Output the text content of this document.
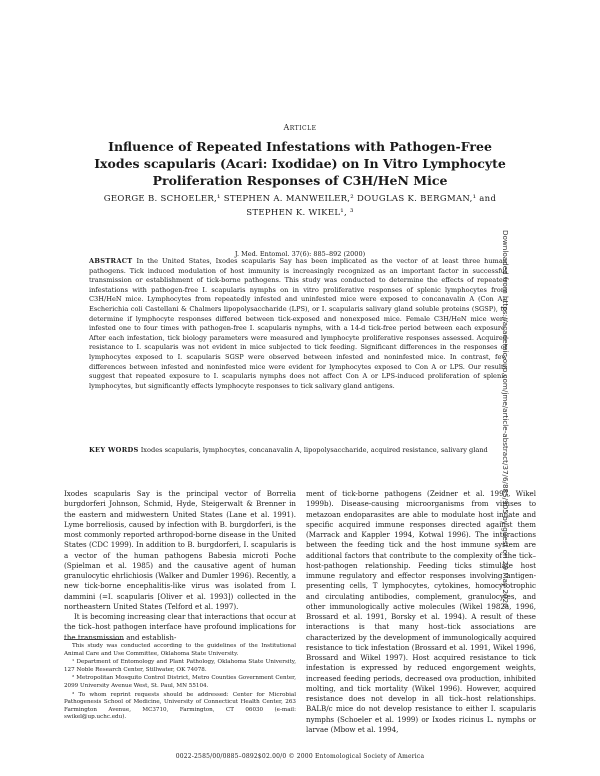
Article
Influence of Repeated Infestations with Pathogen-Free Ixodes scapularis (Acari: Ixodidae) on In Vitro Lymphocyte Proliferation Responses of C3H/HeN Mice
GEORGE B. SCHOELER,¹ STEPHEN A. MANWEILER,² DOUGLAS K. BERGMAN,¹ and
STEPHEN K. WIKEL¹, ³
J. Med. Entomol. 37(6): 885–892 (2000)

ABSTRACT In the United States, Ixodes scapularis Say has been implicated as the vector of at least three human pathogens. Tick induced modulation of host immunity is increasingly recognized as an important factor in successful transmission or establishment of tick-borne pathogens. This study was conducted to determine the effects of repeated infestations with pathogen-free I. scapularis nymphs on in vitro proliferative responses of splenic lymphocytes from C3H/HeN mice. Lymphocytes from repeatedly infested and uninfested mice were exposed to concanavalin A (Con A), Escherichia coli Castellani & Chalmers lipopolysaccharide (LPS), or I. scapularis salivary gland soluble proteins (SGSP), to determine if lymphocyte responses differed between tick-exposed and nonexposed mice. Female C3H/HeN mice were infested one to four times with pathogen-free I. scapularis nymphs, with a 14-d tick-free period between each exposure. After each infestation, tick biology parameters were measured and lymphocyte proliferative responses assessed. Acquired resistance to I. scapularis was not evident in mice subjected to tick feeding. Significant differences in the responses of lymphocytes exposed to I. scapularis SGSP were observed between infested and noninfested mice. In contrast, few differences between infested and noninfested mice were evident for lymphocytes exposed to Con A or LPS. Our results suggest that repeated exposure to I. scapularis nymphs does not affect Con A or LPS-induced proliferation of splenic lymphocytes, but significantly effects lymphocyte responses to tick salivary gland antigens.

KEY WORDS Ixodes scapularis, lymphocytes, concanavalin A, lipopolysaccharide, acquired resistance, salivary gland

Ixodes scapularis Say is the principal vector of Borrelia burgdorferi Johnson, Schmid, Hyde, Steigerwalt & Brenner in the eastern and midwestern United States (Lane et al. 1991). Lyme borreliosis, caused by infection with B. burgdorferi, is the most commonly reported arthropod-borne disease in the United States (CDC 1999). In addition to B. burgdorferi, I. scapularis is a vector of the human pathogens Babesia microti Poche (Spielman et al. 1985) and the causative agent of human granulocytic ehrlichiosis (Walker and Dumler 1996). Recently, a new tick-borne encephalitis-like virus was isolated from I. dammini (=I. scapularis [Oliver et al. 1993]) collected in the northeastern United States (Telford et al. 1997).

It is becoming increasing clear that interactions that occur at the tick–host pathogen interface have profound implications for the transmission and establish-

ment of tick-borne pathogens (Zeidner et al. 1997, Wikel 1999b). Disease-causing microorganisms from viruses to metazoan endoparasites are able to modulate host innate and specific acquired immune responses directed against them (Marrack and Kappler 1994, Kotwal 1996). The interactions between the feeding tick and the host immune system are additional factors that contribute to the complexity of the tick–host-pathogen relationship. Feeding ticks stimulate host immune regulatory and effector responses involving antigen-presenting cells, T lymphocytes, cytokines, homocytotrophic and circulating antibodies, complement, granulocytes, and other immunologically active molecules (Wikel 1982a, 1996, Brossard et al. 1991, Borsky et al. 1994). A result of these interactions is that many host–tick associations are characterized by the development of immunologically acquired resistance to tick infestation (Brossard et al. 1991, Wikel 1996, Brossard and Wikel 1997). Host acquired resistance to tick infestation is expressed by reduced engorgement weights, increased feeding periods, decreased ova production, inhibited molting, and tick mortality (Wikel 1996). However, acquired resistance does not develop in all tick–host relationships. BALB/c mice do not develop resistance to either I. scapularis nymphs (Schoeler et al. 1999) or Ixodes ricinus L. nymphs or larvae (Mbow et al. 1994,

This study was conducted according to the guidelines of the Institutional Animal Care and Use Committee, Oklahoma State University.

¹ Department of Entomology and Plant Pathology, Oklahoma State University, 127 Noble Research Center, Stillwater, OK 74078.

² Metropolitan Mosquito Control District, Metro Counties Government Center, 2099 University Avenue West, St. Paul, MN 55104.

³ To whom reprint requests should be addressed: Center for Microbial Pathogenesis School of Medicine, University of Connecticut Health Center, 263 Farmington Avenue, MC3710, Farmington, CT 06030 (e-mail: swikel@up.uchc.edu).

0022-2585/00/0885–0892$02.00/0 © 2000 Entomological Society of America
Downloaded from https://academic.oup.com/jme/article-abstract/37/6/885/905 by guest on 29 May 2020
